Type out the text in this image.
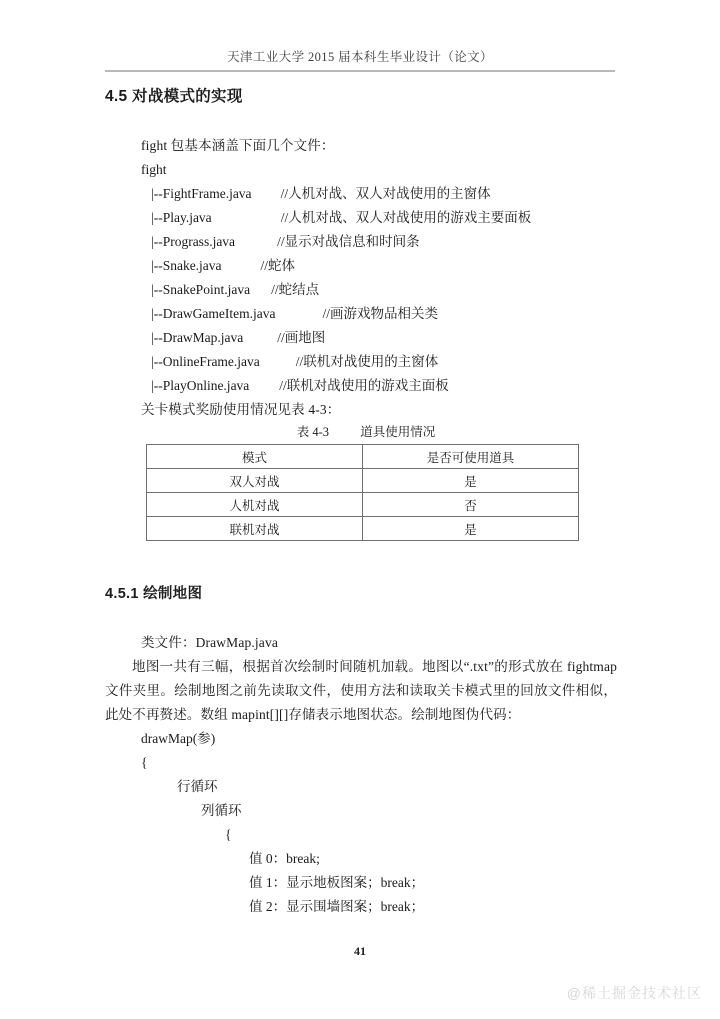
天津工业大学 2015 届本科生毕业设计（论文）
4.5 对战模式的实现

fight 包基本涵盖下面几个文件：

fight
|--FightFrame.java //人机对战、双人对战使用的主窗体
|--Play.java	//人机对战、双人对战使用的游戏主要面板
|--Prograss.java	//显示对战信息和时间条
|--Snake.java	//蛇体
|--SnakePoint.java //蛇结点
|--DrawGameItem.java	//画游戏物品相关类
|--DrawMap.java	//画地图
|--OnlineFrame.java	//联机对战使用的主窗体
|--PlayOnline.java //联机对战使用的游戏主面板

关卡模式奖励使用情况见表 4-3：

表 4-3          道具使用情况
模式	是否可使用道具
双人对战	是
人机对战	否
联机对战	是
4.5.1 绘制地图

类文件：DrawMap.java

地图一共有三幅，根据首次绘制时间随机加载。地图以“.txt”的形式放在 fightmap 文件夹里。绘制地图之前先读取文件，使用方法和读取关卡模式里的回放文件相似，此处不再赘述。数组 mapint[][]存储表示地图状态。绘制地图伪代码：

drawMap(参)
{
行循环
列循环
{
值 0：break;
值 1：显示地板图案；break；
值 2：显示围墙图案；break；
41
@稀土掘金技术社区
